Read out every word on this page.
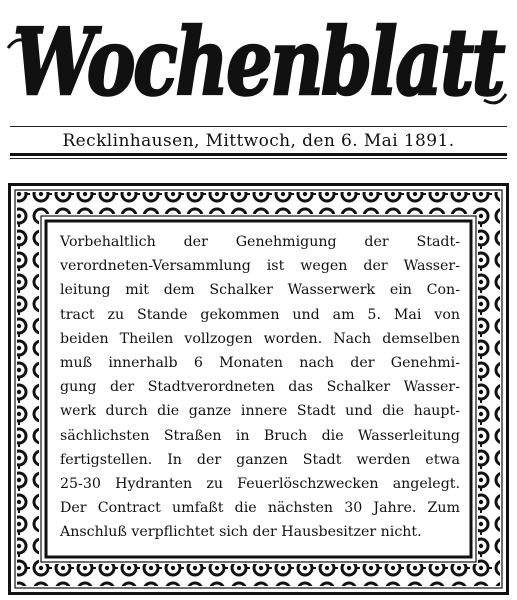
Wochenblatt
Recklinhausen, Mittwoch, den 6. Mai 1891.

Vorbehaltlich der Genehmigung der Stadt-

verordneten-Versammlung ist wegen der Wasser-

leitung mit dem Schalker Wasserwerk ein Con-

tract zu Stande gekommen und am 5. Mai von

beiden Theilen vollzogen worden. Nach demselben

muß innerhalb 6 Monaten nach der Genehmi-

gung der Stadtverordneten das Schalker Wasser-

werk durch die ganze innere Stadt und die haupt-

sächlichsten Straßen in Bruch die Wasserleitung

fertigstellen. In der ganzen Stadt werden etwa

25-30 Hydranten zu Feuerlöschzwecken angelegt.

Der Contract umfaßt die nächsten 30 Jahre. Zum

Anschluß verpflichtet sich der Hausbesitzer nicht.
